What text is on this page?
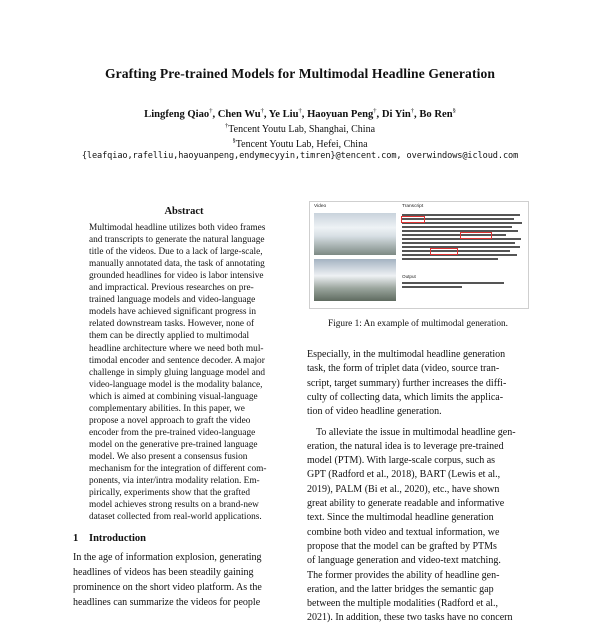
Grafting Pre-trained Models for Multimodal Headline Generation
Lingfeng Qiao†, Chen Wu†, Ye Liu†, Haoyuan Peng†, Di Yin†, Bo Ren§
†Tencent Youtu Lab, Shanghai, China
§Tencent Youtu Lab, Hefei, China
{leafqiao,rafelliu,haoyuanpeng,endymecyyin,timren}@tencent.com, overwindows@icloud.com
Abstract
Multimodal headline utilizes both video frames
and transcripts to generate the natural language
title of the videos. Due to a lack of large-scale,
manually annotated data, the task of annotating
grounded headlines for video is labor intensive
and impractical. Previous researches on pre-
trained language models and video-language
models have achieved significant progress in
related downstream tasks. However, none of
them can be directly applied to multimodal
headline architecture where we need both mul-
timodal encoder and sentence decoder. A major
challenge in simply gluing language model and
video-language model is the modality balance,
which is aimed at combining visual-language
complementary abilities. In this paper, we
propose a novel approach to graft the video
encoder from the pre-trained video-language
model on the generative pre-trained language
model. We also present a consensus fusion
mechanism for the integration of different com-
ponents, via inter/intra modality relation. Em-
pirically, experiments show that the grafted
model achieves strong results on a brand-new
dataset collected from real-world applications.
1 Introduction
In the age of information explosion, generating
headlines of videos has been steadily gaining
prominence on the short video platform. As the
headlines can summarize the videos for people
Video	Transcript
Output
Figure 1: An example of multimodal generation.
Especially, in the multimodal headline generation
task, the form of triplet data (video, source tran-
script, target summary) further increases the diffi-
culty of collecting data, which limits the applica-
tion of video headline generation.
To alleviate the issue in multimodal headline gen-
eration, the natural idea is to leverage pre-trained
model (PTM). With large-scale corpus, such as
GPT (Radford et al., 2018), BART (Lewis et al.,
2019), PALM (Bi et al., 2020), etc., have shown
great ability to generate readable and informative
text. Since the multimodal headline generation
combine both video and textual information, we
propose that the model can be grafted by PTMs
of language generation and video-text matching.
The former provides the ability of headline gen-
eration, and the latter bridges the semantic gap
between the multiple modalities (Radford et al.,
2021). In addition, these two tasks have no concern
